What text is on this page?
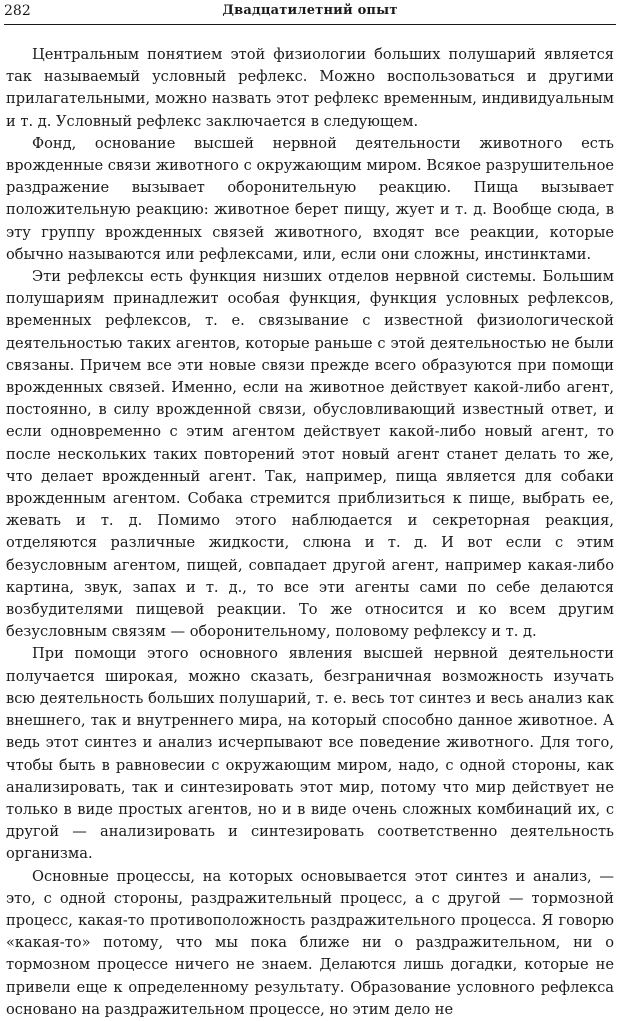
282	Двадцатилетний опыт

Центральным понятием этой физиологии больших полушарий является так называемый условный рефлекс. Можно воспользоваться и другими прилагательными, можно назвать этот рефлекс временным, индивидуальным и т. д. Условный рефлекс заключается в следующем.

Фонд, основание высшей нервной деятельности животного есть врожденные связи животного с окружающим миром. Всякое разрушительное раздражение вызывает оборонительную реакцию. Пища вызывает положительную реакцию: животное берет пищу, жует и т. д. Вообще сюда, в эту группу врожденных связей животного, входят все реакции, которые обычно называются или рефлексами, или, если они сложны, инстинктами.

Эти рефлексы есть функция низших отделов нервной системы. Большим полушариям принадлежит особая функция, функция условных рефлексов, временных рефлексов, т. е. связывание с известной физиологической деятельностью таких агентов, которые раньше с этой деятельностью не были связаны. Причем все эти новые связи прежде всего образуются при помощи врожденных связей. Именно, если на животное действует какой-либо агент, постоянно, в силу врожденной связи, обусловливающий известный ответ, и если одновременно с этим агентом действует какой-либо новый агент, то после нескольких таких повторений этот новый агент станет делать то же, что делает врожденный агент. Так, например, пища является для собаки врожденным агентом. Собака стремится приблизиться к пище, выбрать ее, жевать и т. д. Помимо этого наблюдается и секреторная реакция, отделяются различные жидкости, слюна и т. д. И вот если с этим безусловным агентом, пищей, совпадает другой агент, например какая-либо картина, звук, запах и т. д., то все эти агенты сами по себе делаются возбудителями пищевой реакции. То же относится и ко всем другим безусловным связям — оборонительному, половому рефлексу и т. д.

При помощи этого основного явления высшей нервной деятельности получается широкая, можно сказать, безграничная возможность изучать всю деятельность больших полушарий, т. е. весь тот синтез и весь анализ как внешнего, так и внутреннего мира, на который способно данное животное. А ведь этот синтез и анализ исчерпывают все поведение животного. Для того, чтобы быть в равновесии с окружающим миром, надо, с одной стороны, как анализировать, так и синтезировать этот мир, потому что мир действует не только в виде простых агентов, но и в виде очень сложных комбинаций их, с другой — анализировать и синтезировать соответственно деятельность организма.

Основные процессы, на которых основывается этот синтез и анализ, — это, с одной стороны, раздражительный процесс, а с другой — тормозной процесс, какая-то противоположность раздражительного процесса. Я говорю «какая-то» потому, что мы пока ближе ни о раздражительном, ни о тормозном процессе ничего не знаем. Делаются лишь догадки, которые не привели еще к определенному результату. Образование условного рефлекса основано на раздражительном процессе, но этим дело не
